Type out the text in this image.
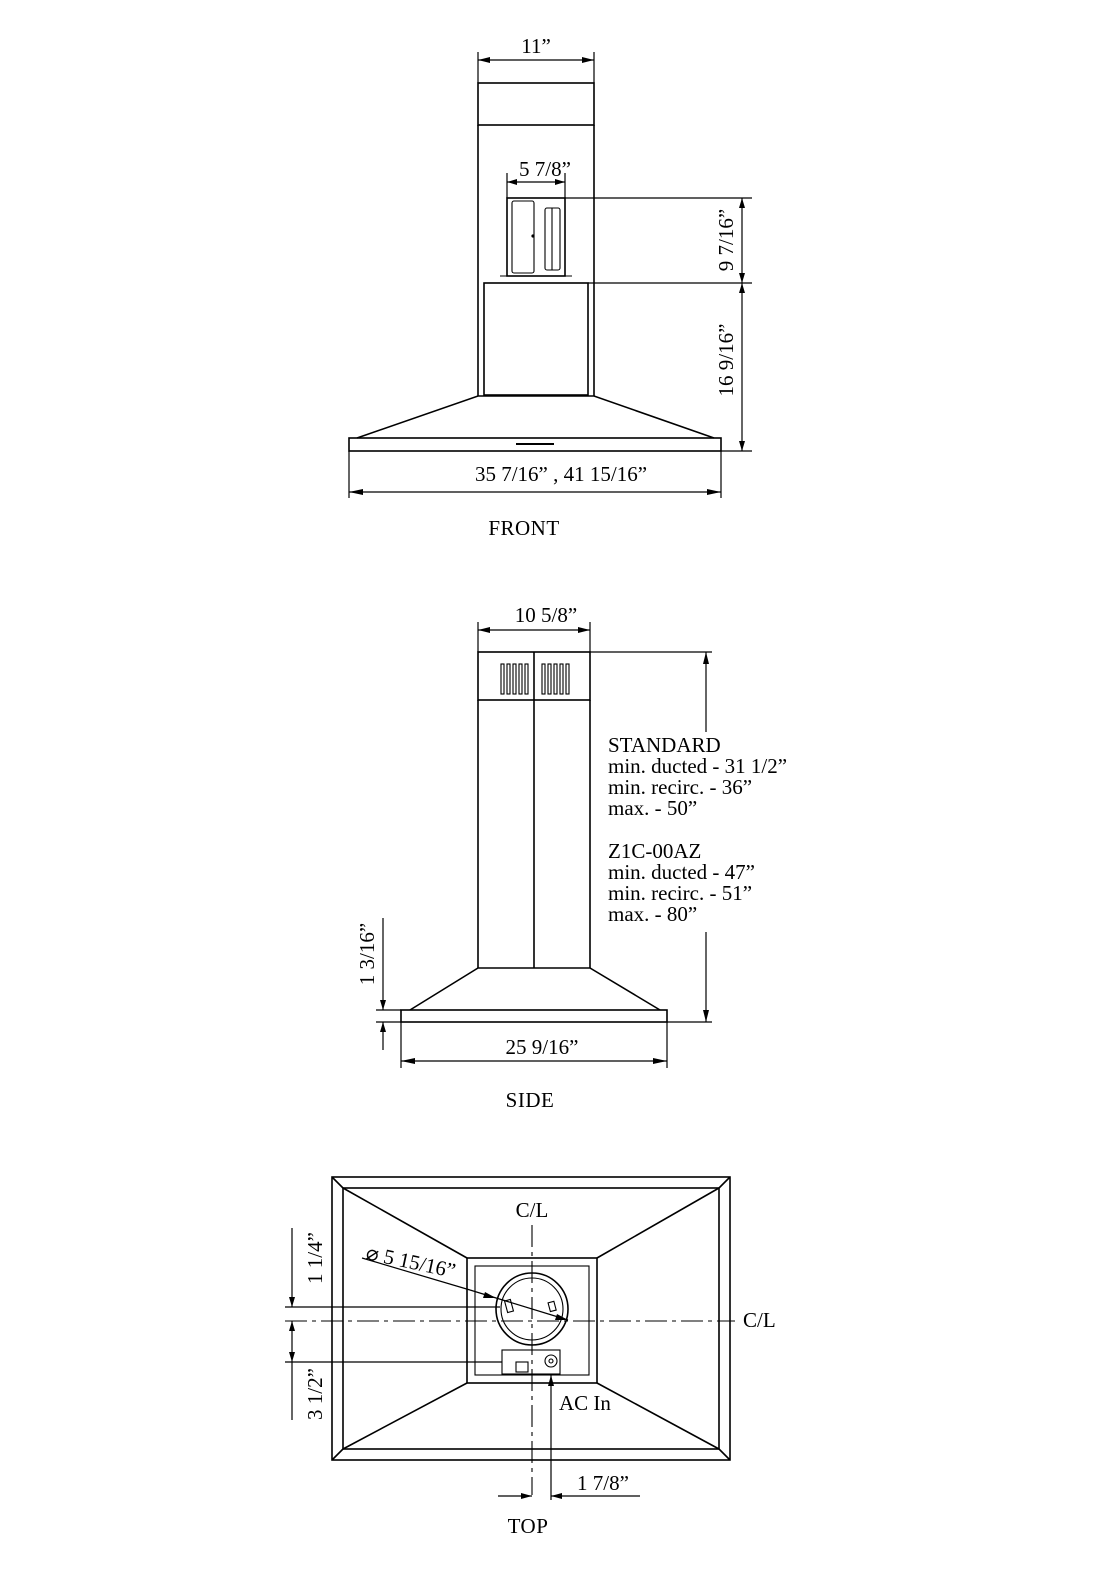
11”
5 7/8”
9 7/16”
16 9/16”
35 7/16” , 41 15/16”
FRONT
10 5/8”
STANDARD
min. ducted - 31 1/2”
min. recirc. - 36”
max. - 50”
Z1C-00AZ
min. ducted - 47”
min. recirc. - 51”
max. - 80”
1 3/16”
25 9/16”
SIDE
C/L
C/L
⌀ 5 15/16”
1 1/4”
3 1/2”	AC In
1 7/8”
TOP
